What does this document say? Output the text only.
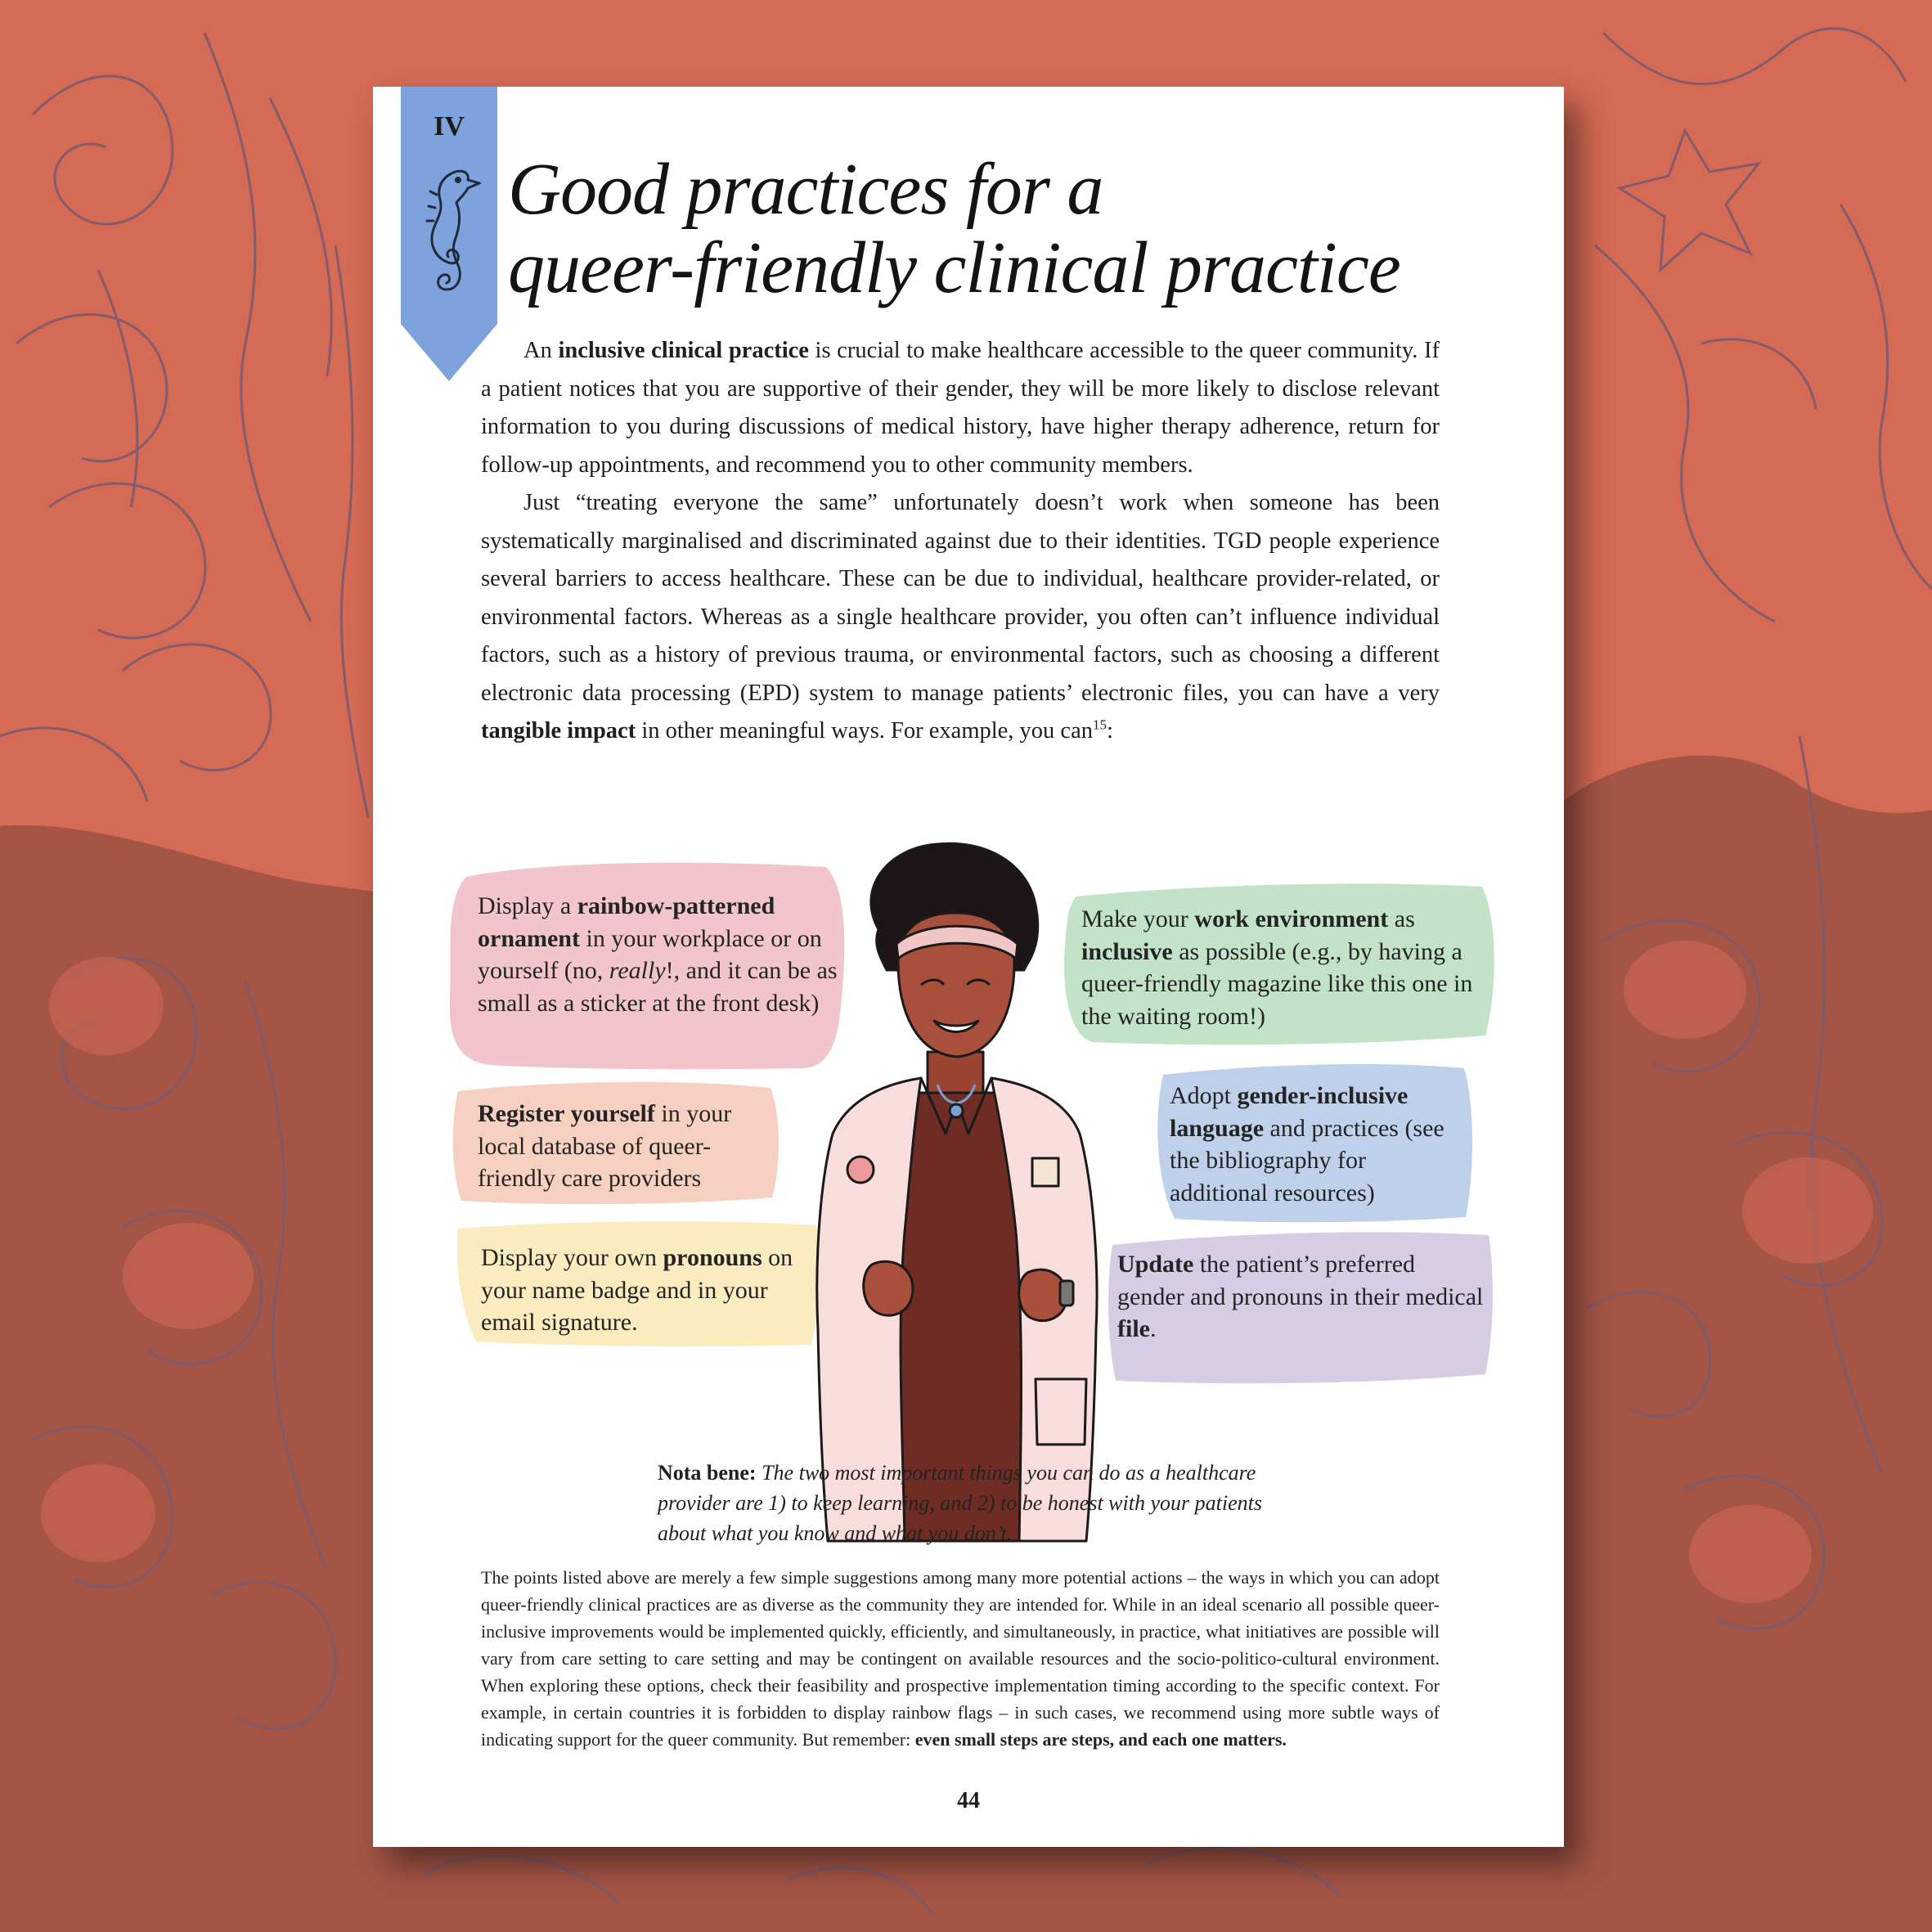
IV
Good practices for a
queer-friendly clinical practice

An inclusive clinical practice is crucial to make healthcare accessible to the queer community. If a patient notices that you are supportive of their gender, they will be more likely to disclose relevant information to you during discussions of medical history, have higher therapy adherence, return for follow-up appointments, and recommend you to other community members.

Just “treating everyone the same” unfortunately doesn’t work when someone has been systematically marginalised and discriminated against due to their identities. TGD people experience several barriers to access healthcare. These can be due to individual, healthcare provider-related, or environmental factors. Whereas as a single healthcare provider, you often can’t influence individual factors, such as a history of previous trauma, or environmental factors, such as choosing a different electronic data processing (EPD) system to manage patients’ electronic files, you can have a very tangible impact in other meaningful ways. For example, you can$^{15}$:

Display a rainbow-patterned ornament in your workplace or on yourself (no, really!, and it can be as small as a sticker at the front desk)
Register yourself in your local database of queer-friendly care providers
Display your own pronouns on your name badge and in your email signature.
Make your work environment as inclusive as possible (e.g., by having a queer-friendly magazine like this one in the waiting room!)
Adopt gender-inclusive language and practices (see the bibliography for additional resources)
Update the patient’s preferred gender and pronouns in their medical file.
Nota bene: The two most important things you can do as a healthcare provider are 1) to keep learning, and 2) to be honest with your patients about what you know and what you don’t.

The points listed above are merely a few simple suggestions among many more potential actions – the ways in which you can adopt queer-friendly clinical practices are as diverse as the community they are intended for. While in an ideal scenario all possible queer-inclusive improvements would be implemented quickly, efficiently, and simultaneously, in practice, what initiatives are possible will vary from care setting to care setting and may be contingent on available resources and the socio-politico-cultural environment. When exploring these options, check their feasibility and prospective implementation timing according to the specific context. For example, in certain countries it is forbidden to display rainbow flags – in such cases, we recommend using more subtle ways of indicating support for the queer community. But remember: even small steps are steps, and each one matters.

44
